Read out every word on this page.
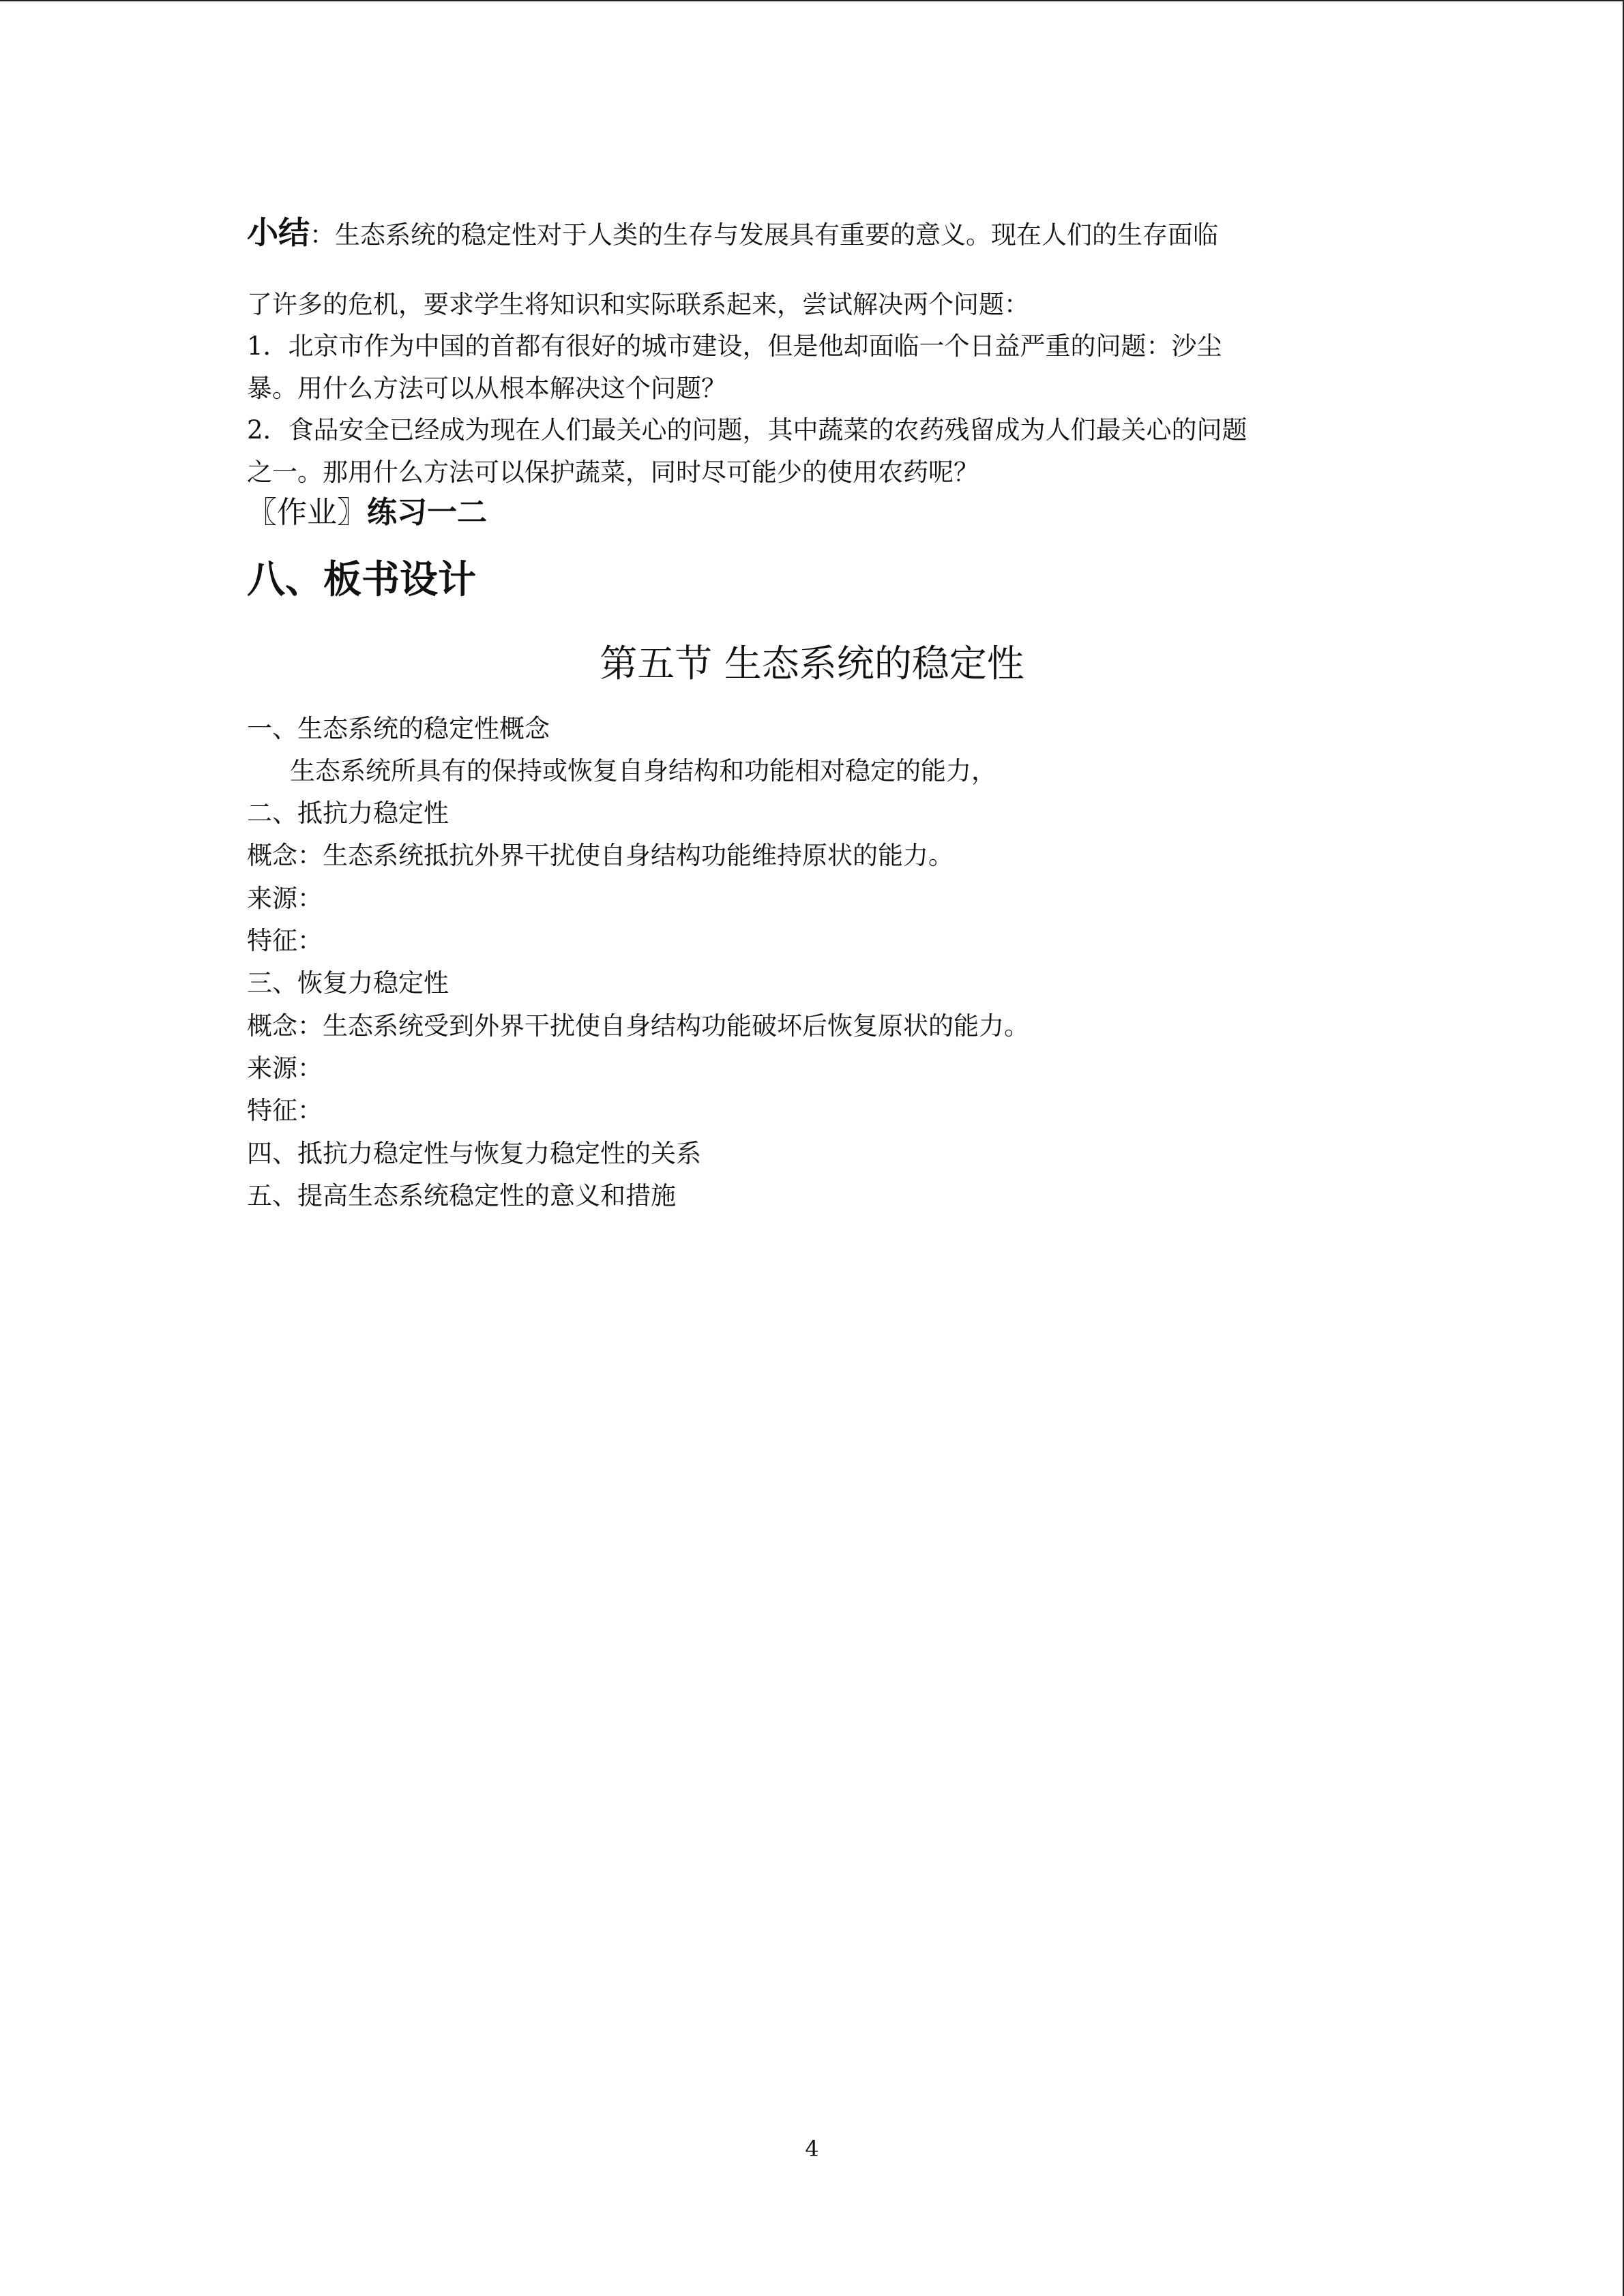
小结：生态系统的稳定性对于人类的生存与发展具有重要的意义。现在人们的生存面临
了许多的危机，要求学生将知识和实际联系起来，尝试解决两个问题：
1．北京市作为中国的首都有很好的城市建设，但是他却面临一个日益严重的问题：沙尘
暴。用什么方法可以从根本解决这个问题？
2．食品安全已经成为现在人们最关心的问题，其中蔬菜的农药残留成为人们最关心的问题
之一。那用什么方法可以保护蔬菜，同时尽可能少的使用农药呢？
〖作业〗练习一二
八、板书设计
第五节 生态系统的稳定性
一、生态系统的稳定性概念
生态系统所具有的保持或恢复自身结构和功能相对稳定的能力，
二、抵抗力稳定性
概念：生态系统抵抗外界干扰使自身结构功能维持原状的能力。
来源：
特征：
三、恢复力稳定性
概念：生态系统受到外界干扰使自身结构功能破坏后恢复原状的能力。
来源：
特征：
四、抵抗力稳定性与恢复力稳定性的关系
五、提高生态系统稳定性的意义和措施
4
